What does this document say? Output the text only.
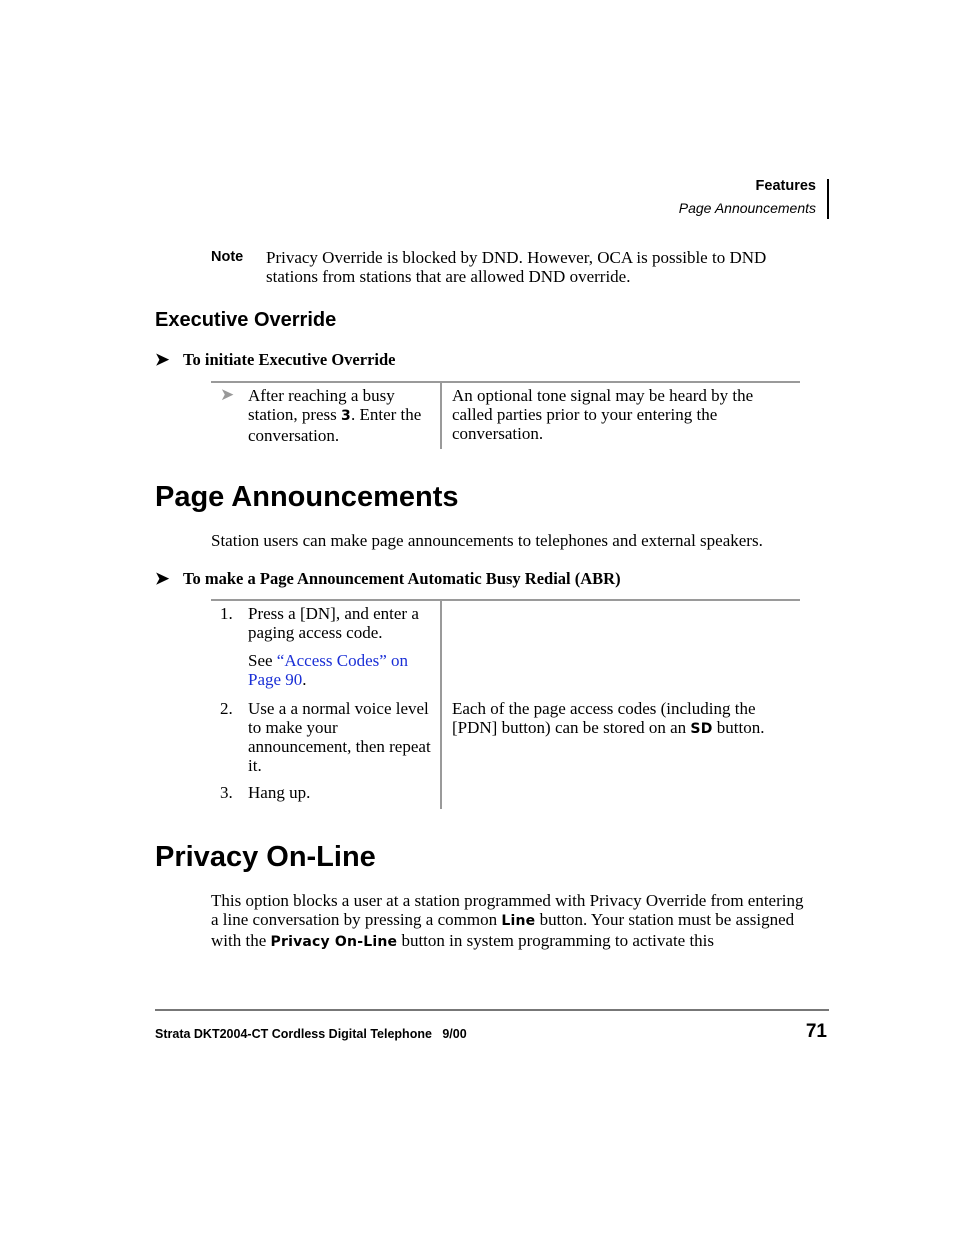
Features
Page Announcements
Note Privacy Override is blocked by DND. However, OCA is possible to DND stations from stations that are allowed DND override.
Executive Override
➤ To initiate Executive Override
➤ After reaching a busy station, press 3. Enter the conversation.
An optional tone signal may be heard by the called parties prior to your entering the conversation.
Page Announcements
Station users can make page announcements to telephones and external speakers.
➤ To make a Page Announcement Automatic Busy Redial (ABR)
1. Press a [DN], and enter a paging access code.
See “Access Codes” on Page 90.
2. Use a a normal voice level to make your announcement, then repeat it.
Each of the page access codes (including the [PDN] button) can be stored on an SD button.
3. Hang up.
Privacy On-Line
This option blocks a user at a station programmed with Privacy Override from entering a line conversation by pressing a common Line button. Your station must be assigned with the Privacy On-Line button in system programming to activate this
Strata DKT2004-CT Cordless Digital Telephone   9/00	71
